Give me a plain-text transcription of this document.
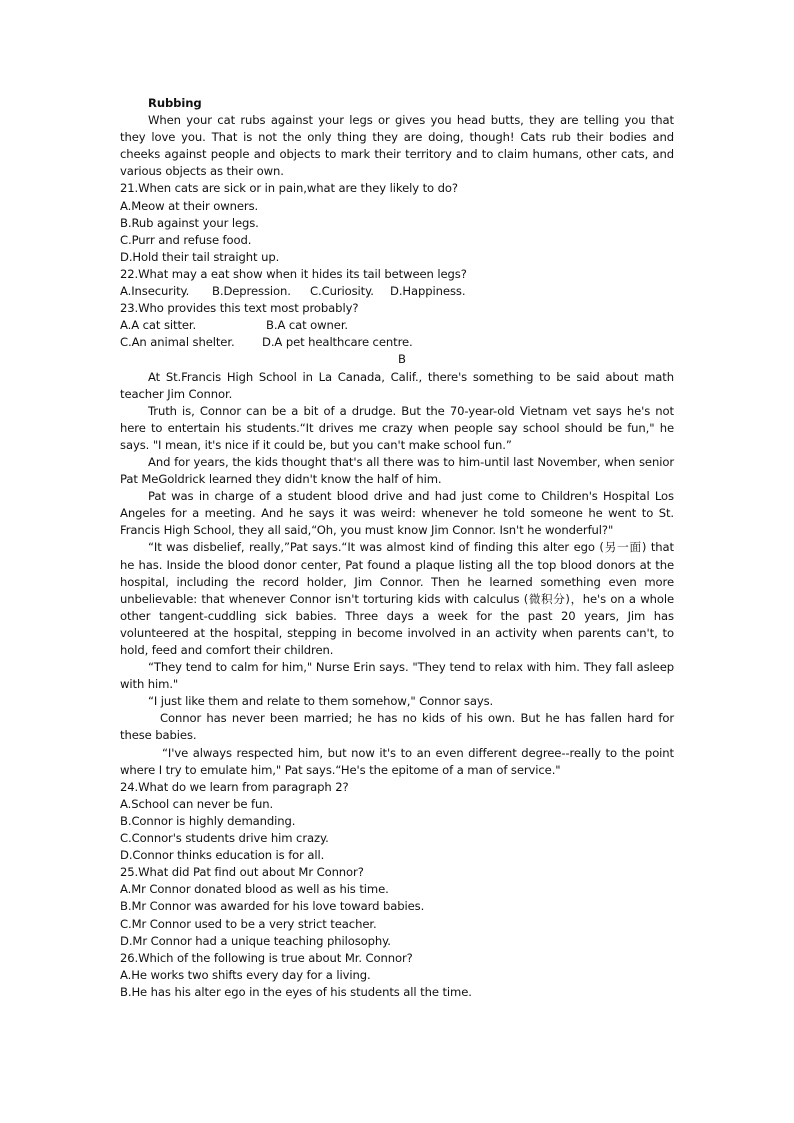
Rubbing
When your cat rubs against your legs or gives you head butts, they are telling you that they love you. That is not the only thing they are doing, though! Cats rub their bodies and cheeks against people and objects to mark their territory and to claim humans, other cats, and various objects as their own.
21.When cats are sick or in pain,what are they likely to do?
A.Meow at their owners.
B.Rub against your legs.
C.Purr and refuse food.
D.Hold their tail straight up.
22.What may a eat show when it hides its tail between legs?
A.Insecurity. B.Depression. C.Curiosity. D.Happiness.
23.Who provides this text most probably?
A.A cat sitter.	B.A cat owner.
C.An animal shelter. D.A pet healthcare centre.
B
At St.Francis High School in La Canada, Calif., there's something to be said about math teacher Jim Connor.
Truth is, Connor can be a bit of a drudge. But the 70-year-old Vietnam vet says he's not here to entertain his students.“It drives me crazy when people say school should be fun," he says. "I mean, it's nice if it could be, but you can't make school fun.”
And for years, the kids thought that's all there was to him-until last November, when senior Pat MeGoldrick learned they didn't know the half of him.
Pat was in charge of a student blood drive and had just come to Children's Hospital Los Angeles for a meeting. And he says it was weird: whenever he told someone he went to St. Francis High School, they all said,“Oh, you must know Jim Connor. Isn't he wonderful?"
“It was disbelief, really,”Pat says.“It was almost kind of finding this alter ego (另一面) that he has. Inside the blood donor center, Pat found a plaque listing all the top blood donors at the hospital, including the record holder, Jim Connor. Then he learned something even more unbelievable: that whenever Connor isn't torturing kids with calculus (微积分)，he's on a whole other tangent-cuddling sick babies. Three days a week for the past 20 years, Jim has volunteered at the hospital, stepping in become involved in an activity when parents can't, to hold, feed and comfort their children.
“They tend to calm for him," Nurse Erin says. "They tend to relax with him. They fall asleep with him."
“I just like them and relate to them somehow," Connor says.
Connor has never been married; he has no kids of his own. But he has fallen hard for these babies.
“I've always respected him, but now it's to an even different degree--really to the point where I try to emulate him," Pat says.“He's the epitome of a man of service."
24.What do we learn from paragraph 2?
A.School can never be fun.
B.Connor is highly demanding.
C.Connor's students drive him crazy.
D.Connor thinks education is for all.
25.What did Pat find out about Mr Connor?
A.Mr Connor donated blood as well as his time.
B.Mr Connor was awarded for his love toward babies.
C.Mr Connor used to be a very strict teacher.
D.Mr Connor had a unique teaching philosophy.
26.Which of the following is true about Mr. Connor?
A.He works two shifts every day for a living.
B.He has his alter ego in the eyes of his students all the time.
